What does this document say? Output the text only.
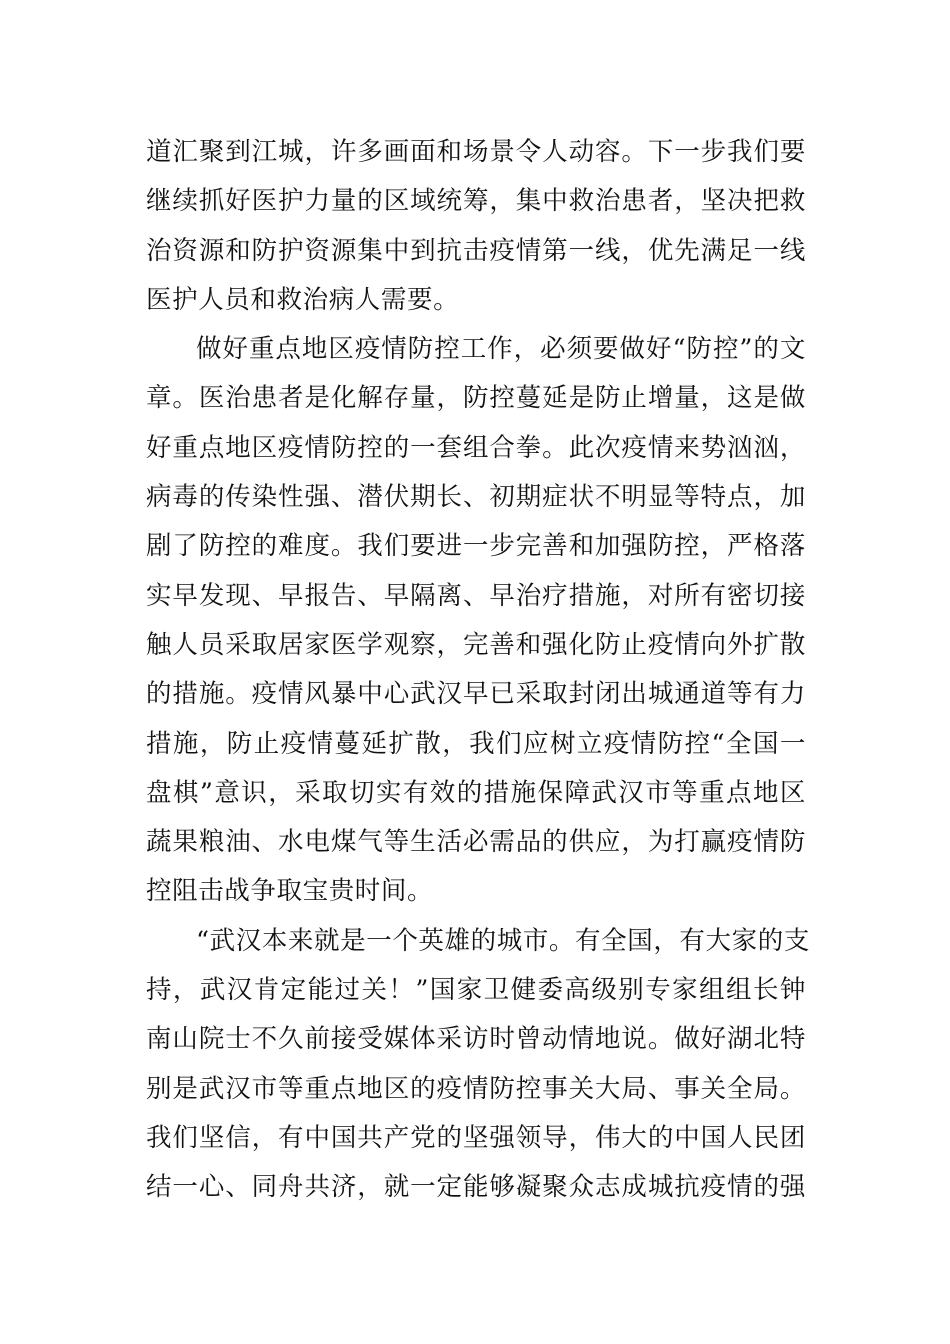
道汇聚到江城，许多画面和场景令人动容。下一步我们要
继续抓好医护力量的区域统筹，集中救治患者，坚决把救
治资源和防护资源集中到抗击疫情第一线，优先满足一线
医护人员和救治病人需要。
做好重点地区疫情防控工作，必须要做好“防控”的文
章。医治患者是化解存量，防控蔓延是防止增量，这是做
好重点地区疫情防控的一套组合拳。此次疫情来势汹汹，
病毒的传染性强、潜伏期长、初期症状不明显等特点，加
剧了防控的难度。我们要进一步完善和加强防控，严格落
实早发现、早报告、早隔离、早治疗措施，对所有密切接
触人员采取居家医学观察，完善和强化防止疫情向外扩散
的措施。疫情风暴中心武汉早已采取封闭出城通道等有力
措施，防止疫情蔓延扩散，我们应树立疫情防控“全国一
盘棋”意识，采取切实有效的措施保障武汉市等重点地区
蔬果粮油、水电煤气等生活必需品的供应，为打赢疫情防
控阻击战争取宝贵时间。
“武汉本来就是一个英雄的城市。有全国，有大家的支
持，武汉肯定能过关！”国家卫健委高级别专家组组长钟
南山院士不久前接受媒体采访时曾动情地说。做好湖北特
别是武汉市等重点地区的疫情防控事关大局、事关全局。
我们坚信，有中国共产党的坚强领导，伟大的中国人民团
结一心、同舟共济，就一定能够凝聚众志成城抗疫情的强
